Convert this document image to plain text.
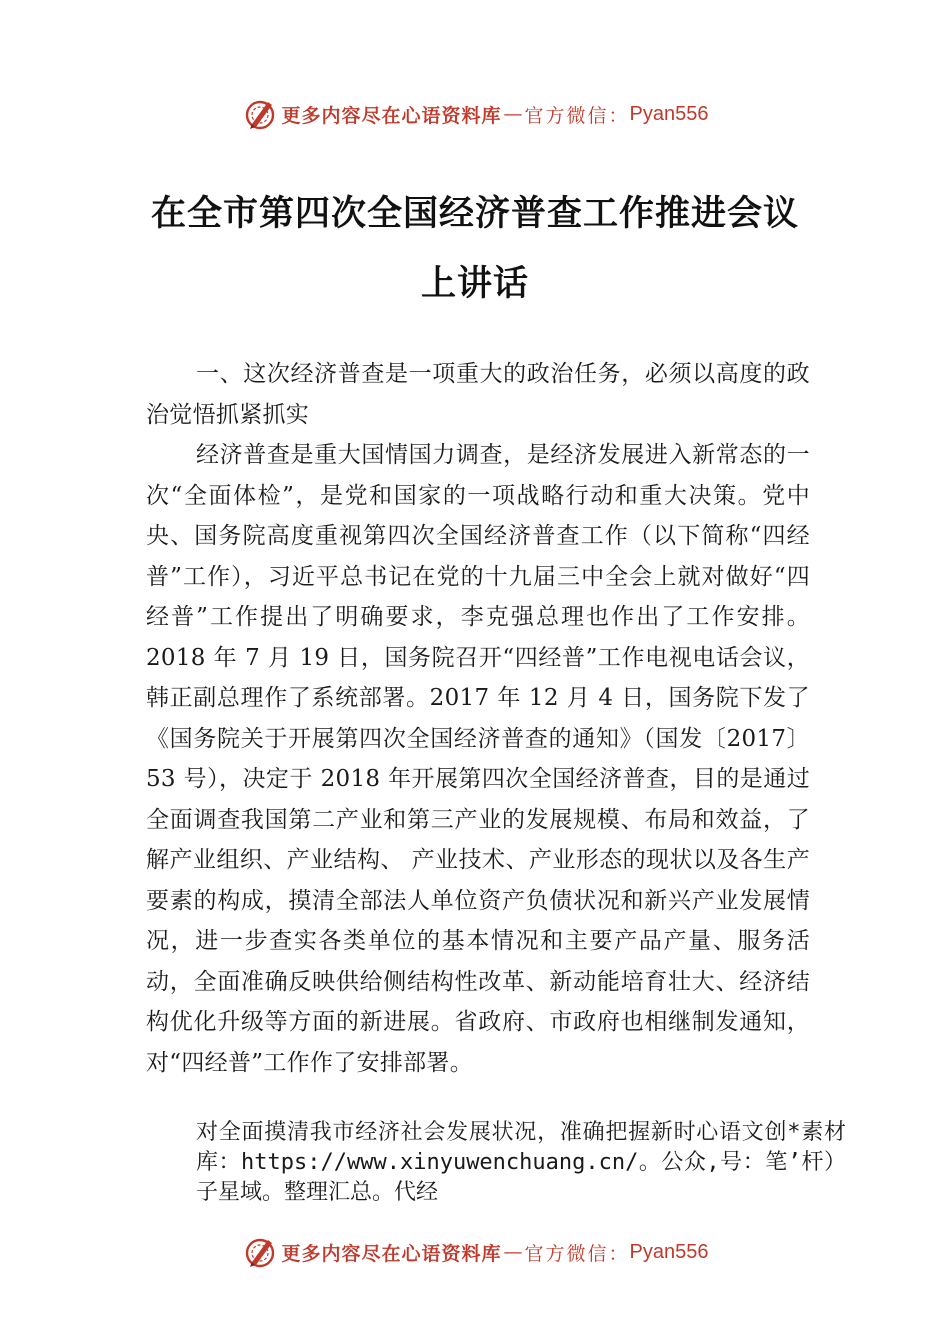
更多内容尽在心语资料库 — 官方微信： Pyan556
在全市第四次全国经济普查工作推进会议
上讲话

一、这次经济普查是一项重大的政治任务，必须以高度的政治觉悟抓紧抓实

经济普查是重大国情国力调查，是经济发展进入新常态的一次“全面体检”，是党和国家的一项战略行动和重大决策。党中央、国务院高度重视第四次全国经济普查工作（以下简称“四经普”工作），习近平总书记在党的十九届三中全会上就对做好“四经普”工作提出了明确要求，李克强总理也作出了工作安排。2018 年 7 月 19 日，国务院召开“四经普”工作电视电话会议，韩正副总理作了系统部署。2017 年 12 月 4 日，国务院下发了《国务院关于开展第四次全国经济普查的通知》（国发〔2017〕53 号），决定于 2018 年开展第四次全国经济普查，目的是通过全面调查我国第二产业和第三产业的发展规模、布局和效益，了解产业组织、产业结构、 产业技术、产业形态的现状以及各生产要素的构成，摸清全部法人单位资产负债状况和新兴产业发展情况，进一步查实各类单位的基本情况和主要产品产量、服务活动，全面准确反映供给侧结构性改革、新动能培育壮大、经济结构优化升级等方面的新进展。省政府、市政府也相继制发通知，对“四经普”工作作了安排部署。

对全面摸清我市经济社会发展状况，准确把握新时心语文创*素材库：https://www.xinyuwenchuang.cn/。公众,号：笔’杆）子星域。整理汇总。代经

更多内容尽在心语资料库 — 官方微信： Pyan556
